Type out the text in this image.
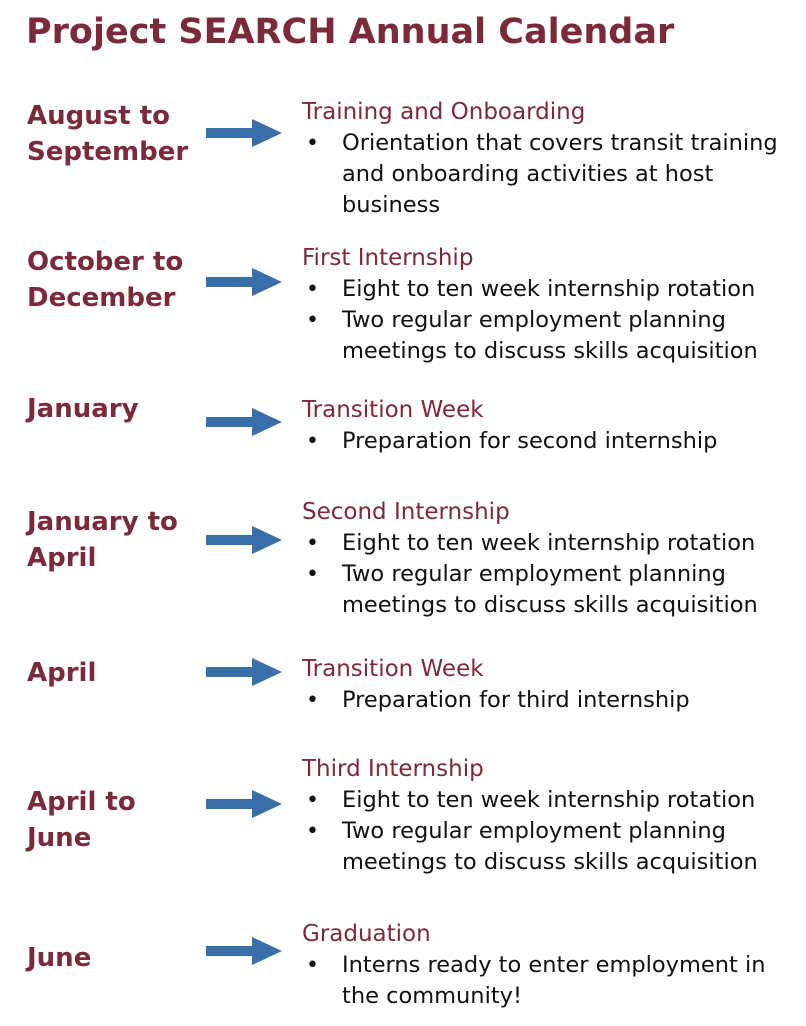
Project SEARCH Annual Calendar
August to September
Training and Onboarding
• Orientation that covers transit training and onboarding activities at host business
October to December
First Internship
• Eight to ten week internship rotation
• Two regular employment planning meetings to discuss skills acquisition
January	Transition Week
• Preparation for second internship
January to April
Second Internship
• Eight to ten week internship rotation
• Two regular employment planning meetings to discuss skills acquisition
April	Transition Week
• Preparation for third internship
April to June
Third Internship
• Eight to ten week internship rotation
• Two regular employment planning meetings to discuss skills acquisition
June
Graduation
• Interns ready to enter employment in the community!
